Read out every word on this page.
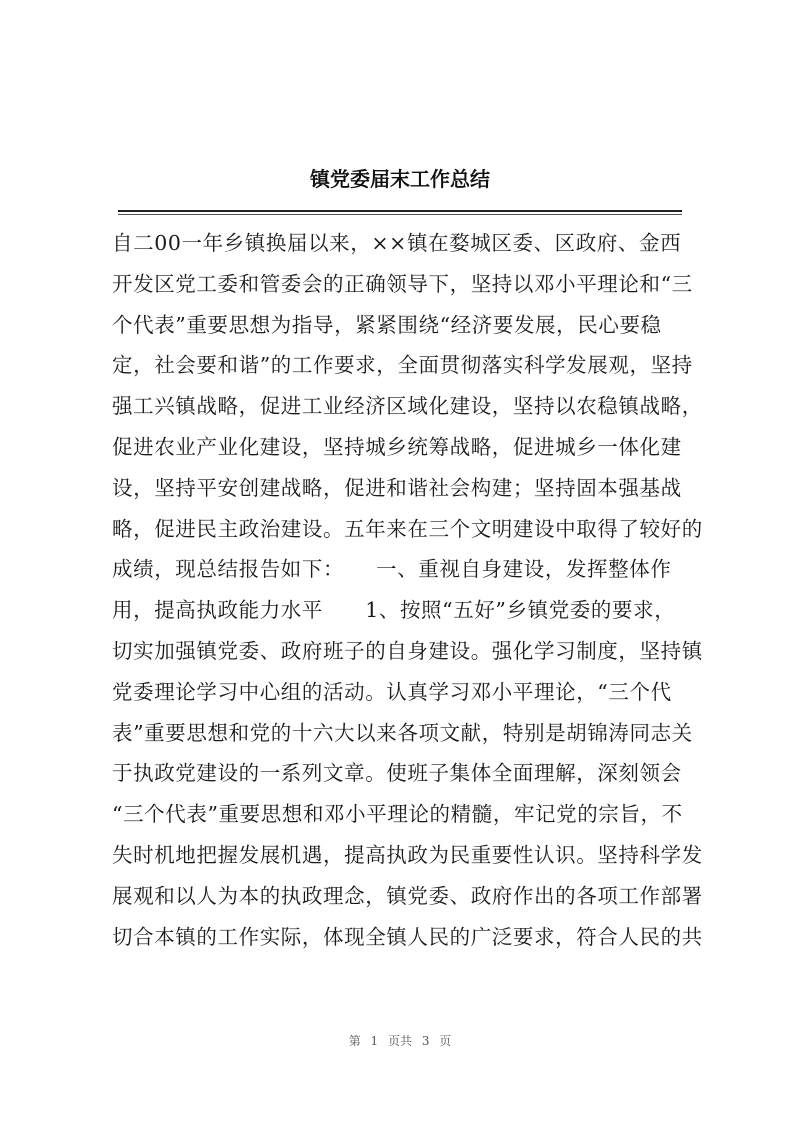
镇党委届末工作总结
自二00一年乡镇换届以来，××镇在婺城区委、区政府、金西
开发区党工委和管委会的正确领导下，坚持以邓小平理论和“三
个代表”重要思想为指导，紧紧围绕“经济要发展，民心要稳
定，社会要和谐”的工作要求，全面贯彻落实科学发展观，坚持
强工兴镇战略，促进工业经济区域化建设，坚持以农稳镇战略，
促进农业产业化建设，坚持城乡统筹战略，促进城乡一体化建
设，坚持平安创建战略，促进和谐社会构建；坚持固本强基战
略，促进民主政治建设。五年来在三个文明建设中取得了较好的
成绩，现总结报告如下：　　一、重视自身建设，发挥整体作
用，提高执政能力水平　　1、按照“五好”乡镇党委的要求，
切实加强镇党委、政府班子的自身建设。强化学习制度，坚持镇
党委理论学习中心组的活动。认真学习邓小平理论，“三个代
表”重要思想和党的十六大以来各项文献，特别是胡锦涛同志关
于执政党建设的一系列文章。使班子集体全面理解，深刻领会
“三个代表”重要思想和邓小平理论的精髓，牢记党的宗旨，不
失时机地把握发展机遇，提高执政为民重要性认识。坚持科学发
展观和以人为本的执政理念，镇党委、政府作出的各项工作部署
切合本镇的工作实际，体现全镇人民的广泛要求，符合人民的共
第 1 页共 3 页
